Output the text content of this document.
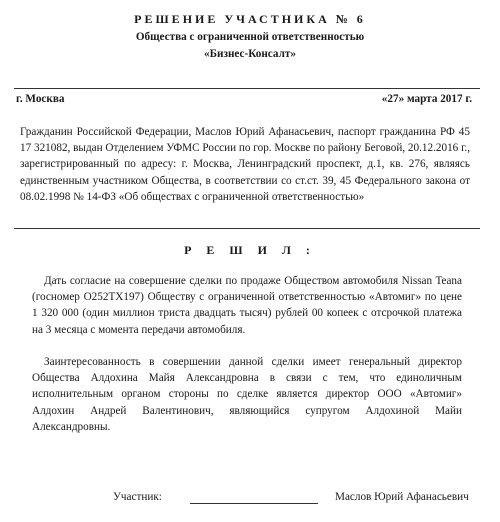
РЕШЕНИЕ УЧАСТНИКА № 6
Общества с ограниченной ответственностью
«Бизнес-Консалт»
г. Москва	«27» марта 2017 г.

Гражданин Российской Федерации, Маслов Юрий Афанасьевич, паспорт гражданина РФ 45 17 321082, выдан Отделением УФМС России по гор. Москве по району Беговой, 20.12.2016 г., зарегистрированный по адресу: г. Москва, Ленинградский проспект, д.1, кв. 276, являясь единственным участником Общества, в соответствии со ст.ст. 39, 45 Федерального закона от 08.02.1998 № 14-ФЗ «Об обществах с ограниченной ответственностью»

Р Е Ш И Л :

Дать согласие на совершение сделки по продаже Обществом автомобиля Nissan Teana (госномер О252ТХ197) Обществу с ограниченной ответственностью «Автомиг» по цене 1 320 000 (один миллион триста двадцать тысяч) рублей 00 копеек с отсрочкой платежа на 3 месяца с момента передачи автомобиля.

Заинтересованность в совершении данной сделки имеет генеральный директор Общества Алдохина Майя Александровна в связи с тем, что единоличным исполнительным органом стороны по сделке является директор ООО «Автомиг» Алдохин Андрей Валентинович, являющийся супругом Алдохиной Майи Александровны.

Участник:	Маслов Юрий Афанасьевич
